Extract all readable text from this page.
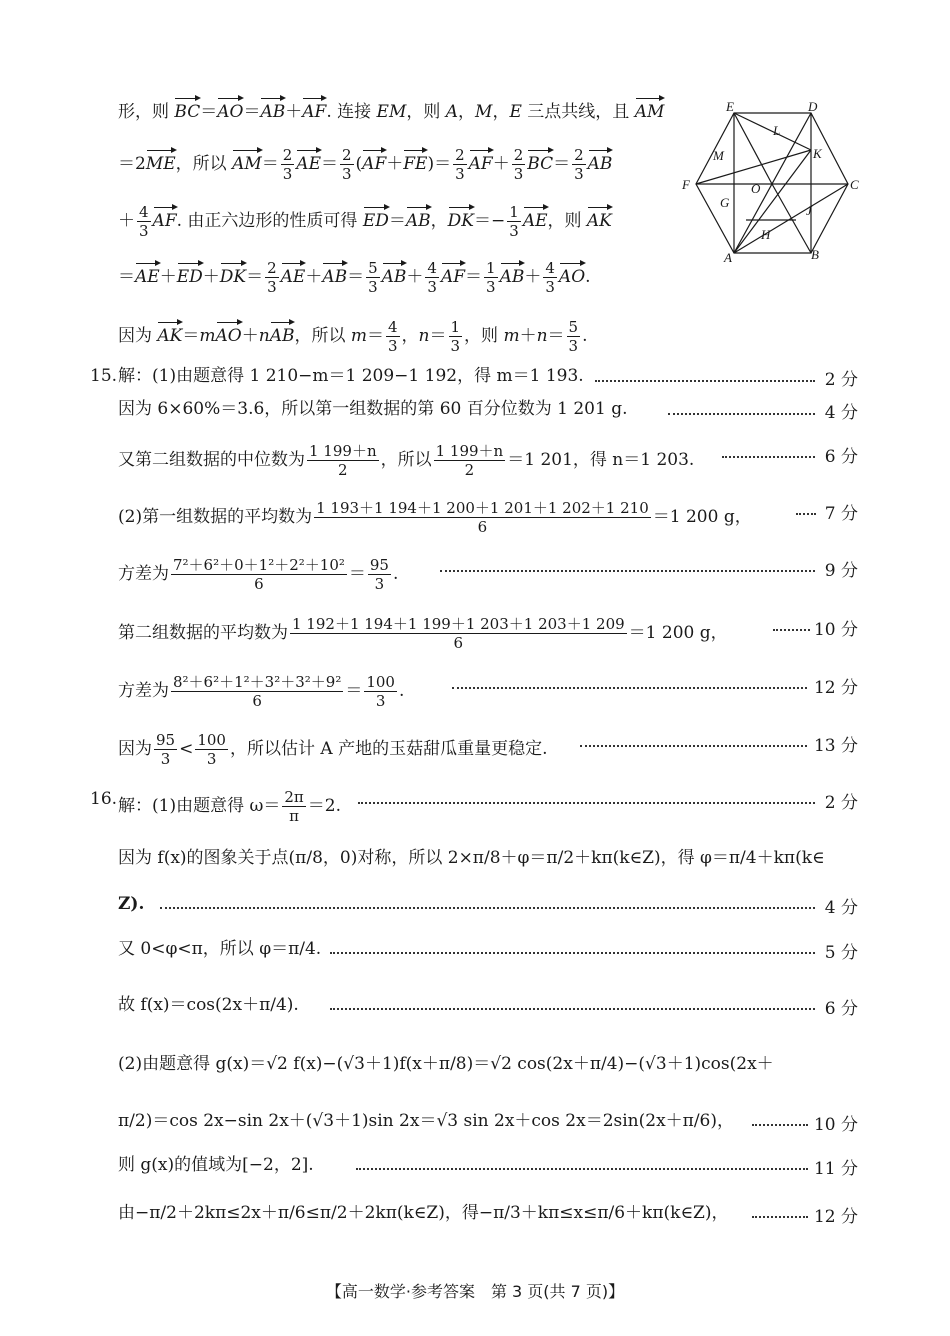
形，则 BC＝AO＝AB＋AF. 连接 EM，则 A，M，E 三点共线，且 AM
＝2ME，所以 $AM= \frac{2}{3} AE= \frac{2}{3} (AF+FE)= \frac{2}{3} AF+ \frac{2}{3} BC= \frac{2}{3}$ AB
＋ $\frac{4}{3}$ AF. 由正六边形的性质可得 ED＝AB，$DK=- \frac{1}{3}$ AE，则 AK
$=AE+ED+DK= \frac{2}{3} AE+AB= \frac{5}{3} AB+ \frac{4}{3} AF= \frac{1}{3} AB+ \frac{4}{3}$ AO.
因为 AK＝mAO＋nAB，所以 $m= \frac{4}{3}$ ，$n= \frac{1}{3}$ ，则 $m+n= \frac{5}{3}$ .
E	D
L
M	K
F	O	C
G
J
H
A	B
15. 解：(1)由题意得 1 210−m＝1 209−1 192，得 m＝1 193.	2 分
因为 6×60%＝3.6，所以第一组数据的第 60 百分位数为 1 201 g.	4 分
又第二组数据的中位数为 $\frac{1 199+n}{2}$ ，所以 $\frac{1 199+n}{2} =1$ 201，得 n＝1 203.	6 分
(2)第一组数据的平均数为 $\frac{1 193+1 194+1 200+1 201+1 202+1 210}{6} =1$ 200 g，	7 分
方差为 $\frac{\text{7²＋6²＋0＋1²＋2²＋10²}}{6} = \frac{95}{3}$ .	9 分
第二组数据的平均数为 $\frac{1 192+1 194+1 199+1 203+1 203+1 209}{6} =1$ 200 g，	10 分
方差为 $\frac{\text{8²＋6²＋1²＋3²＋3²＋9²}}{6} = \frac{100}{3}$ .	12 分
因为 $\frac{95}{3} < \frac{100}{3}$ ，所以估计 A 产地的玉菇甜瓜重量更稳定.	13 分
16. 解：(1)由题意得 $\omega= \frac{2\pi}{\pi} =2$.	2 分
因为 f(x)的图象关于点(π/8，0)对称，所以 2×π/8＋φ＝π/2＋kπ(k∈Z)，得 φ＝π/4＋kπ(k∈
Z).	4 分
又 0<φ<π，所以 φ＝π/4.	5 分
故 f(x)＝cos(2x＋π/4).	6 分
(2)由题意得 g(x)＝√2 f(x)−(√3＋1)f(x＋π/8)＝√2 cos(2x＋π/4)−(√3＋1)cos(2x＋
π/2)＝cos 2x−sin 2x＋(√3＋1)sin 2x＝√3 sin 2x＋cos 2x＝2sin(2x＋π/6)，	10 分
则 g(x)的值域为[−2，2].	11 分
由−π/2＋2kπ≤2x＋π/6≤π/2＋2kπ(k∈Z)，得−π/3＋kπ≤x≤π/6＋kπ(k∈Z)，	12 分
【高一数学·参考答案　第 3 页(共 7 页)】
